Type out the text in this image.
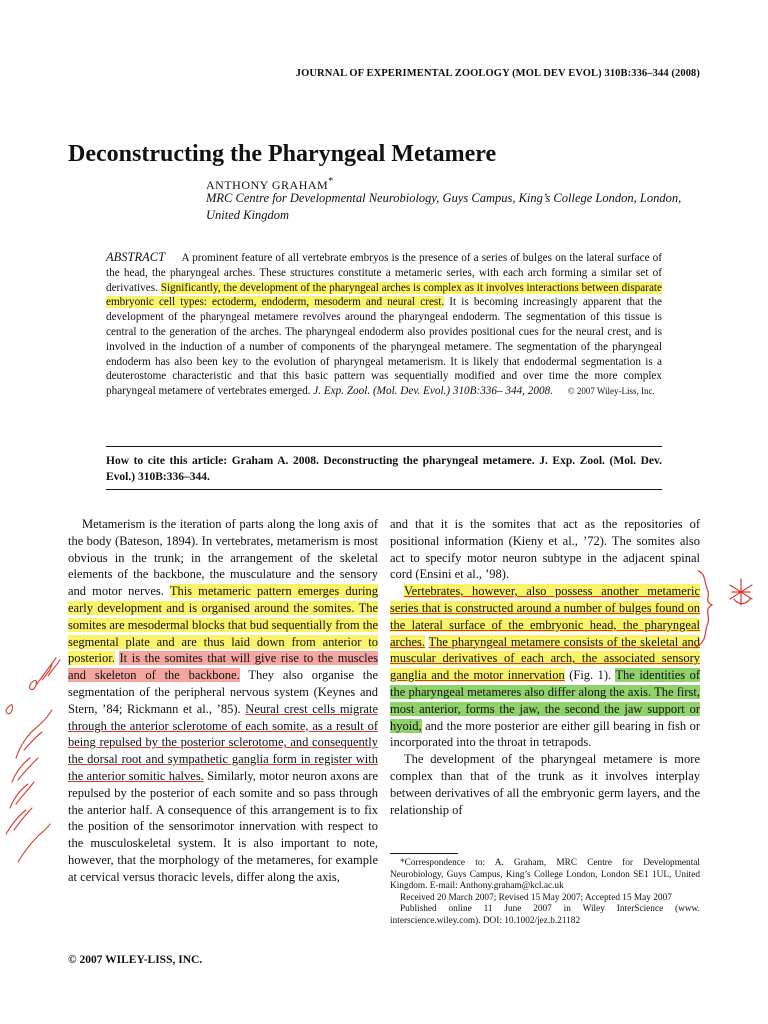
JOURNAL OF EXPERIMENTAL ZOOLOGY (MOL DEV EVOL) 310B:336–344 (2008)
Deconstructing the Pharyngeal Metamere
ANTHONY GRAHAM*
MRC Centre for Developmental Neurobiology, Guys Campus, King’s College London, London, United Kingdom
ABSTRACT A prominent feature of all vertebrate embryos is the presence of a series of bulges on the lateral surface of the head, the pharyngeal arches. These structures constitute a metameric series, with each arch forming a similar set of derivatives. Significantly, the development of the pharyngeal arches is complex as it involves interactions between disparate embryonic cell types: ectoderm, endoderm, mesoderm and neural crest. It is becoming increasingly apparent that the development of the pharyngeal metamere revolves around the pharyngeal endoderm. The segmentation of this tissue is central to the generation of the arches. The pharyngeal endoderm also provides positional cues for the neural crest, and is involved in the induction of a number of components of the pharyngeal metamere. The segmentation of the pharyngeal endoderm has also been key to the evolution of pharyngeal metamerism. It is likely that endodermal segmentation is a deuterostome characteristic and that this basic pattern was sequentially modified and over time the more complex pharyngeal metamere of vertebrates emerged. J. Exp. Zool. (Mol. Dev. Evol.) 310B:336– 344, 2008. © 2007 Wiley-Liss, Inc.
How to cite this article: Graham A. 2008. Deconstructing the pharyngeal metamere. J. Exp. Zool. (Mol. Dev. Evol.) 310B:336–344.

Metamerism is the iteration of parts along the long axis of the body (Bateson, 1894). In vertebrates, metamerism is most obvious in the trunk; in the arrangement of the skeletal elements of the backbone, the musculature and the sensory and motor nerves. This metameric pattern emerges during early development and is organised around the somites. The somites are mesodermal blocks that bud sequentially from the segmental plate and are thus laid down from anterior to posterior. It is the somites that will give rise to the muscles and skeleton of the backbone. They also organise the segmentation of the peripheral nervous system (Keynes and Stern, ’84; Rickmann et al., ’85). Neural crest cells migrate through the anterior sclerotome of each somite, as a result of being repulsed by the posterior sclerotome, and consequently the dorsal root and sympathetic ganglia form in register with the anterior somitic halves. Similarly, motor neuron axons are repulsed by the posterior of each somite and so pass through the anterior half. A consequence of this arrangement is to fix the position of the sensorimotor innervation with respect to the musculoskeletal system. It is also important to note, however, that the morphology of the metameres, for example at cervical versus thoracic levels, differ along the axis,

and that it is the somites that act as the repositories of positional information (Kieny et al., ’72). The somites also act to specify motor neuron subtype in the adjacent spinal cord (Ensini et al., ’98).

Vertebrates, however, also possess another metameric series that is constructed around a number of bulges found on the lateral surface of the embryonic head, the pharyngeal arches. The pharyngeal metamere consists of the skeletal and muscular derivatives of each arch, the associated sensory ganglia and the motor innervation (Fig. 1). The identities of the pharyngeal metameres also differ along the axis. The first, most anterior, forms the jaw, the second the jaw support or hyoid, and the more posterior are either gill bearing in fish or incorporated into the throat in tetrapods.

The development of the pharyngeal metamere is more complex than that of the trunk as it involves interplay between derivatives of all the embryonic germ layers, and the relationship of

*Correspondence to: A. Graham, MRC Centre for Developmental Neurobiology, Guys Campus, King’s College London, London SE1 1UL, United Kingdom. E-mail: Anthony.graham@kcl.ac.uk

Received 20 March 2007; Revised 15 May 2007; Accepted 15 May 2007

Published online 11 June 2007 in Wiley InterScience (www. interscience.wiley.com). DOI: 10.1002/jez.b.21182

© 2007 WILEY-LISS, INC.
